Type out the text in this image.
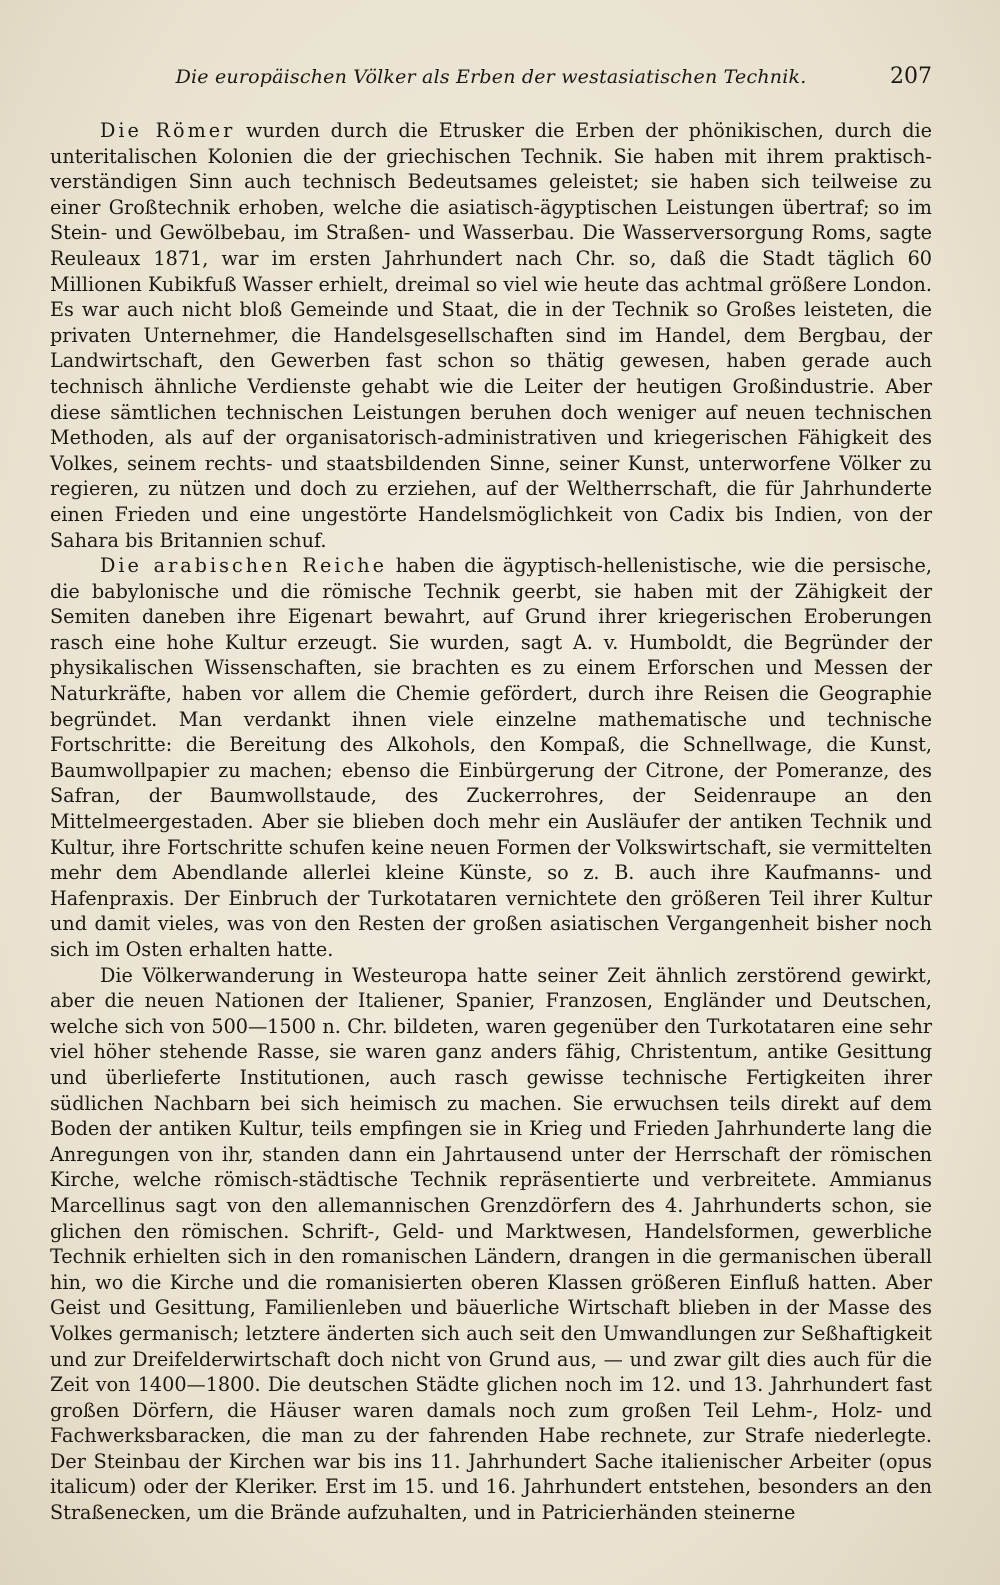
Die europäischen Völker als Erben der westasiatischen Technik.	207

Die Römer wurden durch die Etrusker die Erben der phönikischen, durch die unteritalischen Kolonien die der griechischen Technik. Sie haben mit ihrem praktisch-verständigen Sinn auch technisch Bedeutsames geleistet; sie haben sich teilweise zu einer Großtechnik erhoben, welche die asiatisch-ägyptischen Leistungen übertraf; so im Stein- und Gewölbebau, im Straßen- und Wasserbau. Die Wasserversorgung Roms, sagte Reuleaux 1871, war im ersten Jahrhundert nach Chr. so, daß die Stadt täglich 60 Millionen Kubikfuß Wasser erhielt, dreimal so viel wie heute das achtmal größere London. Es war auch nicht bloß Gemeinde und Staat, die in der Technik so Großes leisteten, die privaten Unternehmer, die Handelsgesellschaften sind im Handel, dem Bergbau, der Landwirtschaft, den Gewerben fast schon so thätig gewesen, haben gerade auch technisch ähnliche Verdienste gehabt wie die Leiter der heutigen Großindustrie. Aber diese sämtlichen technischen Leistungen beruhen doch weniger auf neuen technischen Methoden, als auf der organisatorisch-administrativen und kriegerischen Fähigkeit des Volkes, seinem rechts- und staatsbildenden Sinne, seiner Kunst, unterworfene Völker zu regieren, zu nützen und doch zu erziehen, auf der Weltherrschaft, die für Jahrhunderte einen Frieden und eine ungestörte Handelsmöglichkeit von Cadix bis Indien, von der Sahara bis Britannien schuf.

Die arabischen Reiche haben die ägyptisch-hellenistische, wie die persische, die babylonische und die römische Technik geerbt, sie haben mit der Zähigkeit der Semiten daneben ihre Eigenart bewahrt, auf Grund ihrer kriegerischen Eroberungen rasch eine hohe Kultur erzeugt. Sie wurden, sagt A. v. Humboldt, die Begründer der physikalischen Wissenschaften, sie brachten es zu einem Erforschen und Messen der Naturkräfte, haben vor allem die Chemie gefördert, durch ihre Reisen die Geographie begründet. Man verdankt ihnen viele einzelne mathematische und technische Fortschritte: die Bereitung des Alkohols, den Kompaß, die Schnellwage, die Kunst, Baumwollpapier zu machen; ebenso die Einbürgerung der Citrone, der Pomeranze, des Safran, der Baumwollstaude, des Zuckerrohres, der Seidenraupe an den Mittelmeergestaden. Aber sie blieben doch mehr ein Ausläufer der antiken Technik und Kultur, ihre Fortschritte schufen keine neuen Formen der Volkswirtschaft, sie vermittelten mehr dem Abendlande allerlei kleine Künste, so z. B. auch ihre Kaufmanns- und Hafenpraxis. Der Einbruch der Turkotataren vernichtete den größeren Teil ihrer Kultur und damit vieles, was von den Resten der großen asiatischen Vergangenheit bisher noch sich im Osten erhalten hatte.

Die Völkerwanderung in Westeuropa hatte seiner Zeit ähnlich zerstörend gewirkt, aber die neuen Nationen der Italiener, Spanier, Franzosen, Engländer und Deutschen, welche sich von 500—1500 n. Chr. bildeten, waren gegenüber den Turkotataren eine sehr viel höher stehende Rasse, sie waren ganz anders fähig, Christentum, antike Gesittung und überlieferte Institutionen, auch rasch gewisse technische Fertigkeiten ihrer südlichen Nachbarn bei sich heimisch zu machen. Sie erwuchsen teils direkt auf dem Boden der antiken Kultur, teils empfingen sie in Krieg und Frieden Jahrhunderte lang die Anregungen von ihr, standen dann ein Jahrtausend unter der Herrschaft der römischen Kirche, welche römisch-städtische Technik repräsentierte und verbreitete. Ammianus Marcellinus sagt von den allemannischen Grenzdörfern des 4. Jahrhunderts schon, sie glichen den römischen. Schrift-, Geld- und Marktwesen, Handelsformen, gewerbliche Technik erhielten sich in den romanischen Ländern, drangen in die germanischen überall hin, wo die Kirche und die romanisierten oberen Klassen größeren Einfluß hatten. Aber Geist und Gesittung, Familienleben und bäuerliche Wirtschaft blieben in der Masse des Volkes germanisch; letztere änderten sich auch seit den Umwandlungen zur Seßhaftigkeit und zur Dreifelderwirtschaft doch nicht von Grund aus, — und zwar gilt dies auch für die Zeit von 1400—1800. Die deutschen Städte glichen noch im 12. und 13. Jahrhundert fast großen Dörfern, die Häuser waren damals noch zum großen Teil Lehm-, Holz- und Fachwerksbaracken, die man zu der fahrenden Habe rechnete, zur Strafe niederlegte. Der Steinbau der Kirchen war bis ins 11. Jahrhundert Sache italienischer Arbeiter (opus italicum) oder der Kleriker. Erst im 15. und 16. Jahrhundert entstehen, besonders an den Straßenecken, um die Brände aufzuhalten, und in Patricierhänden steinerne
